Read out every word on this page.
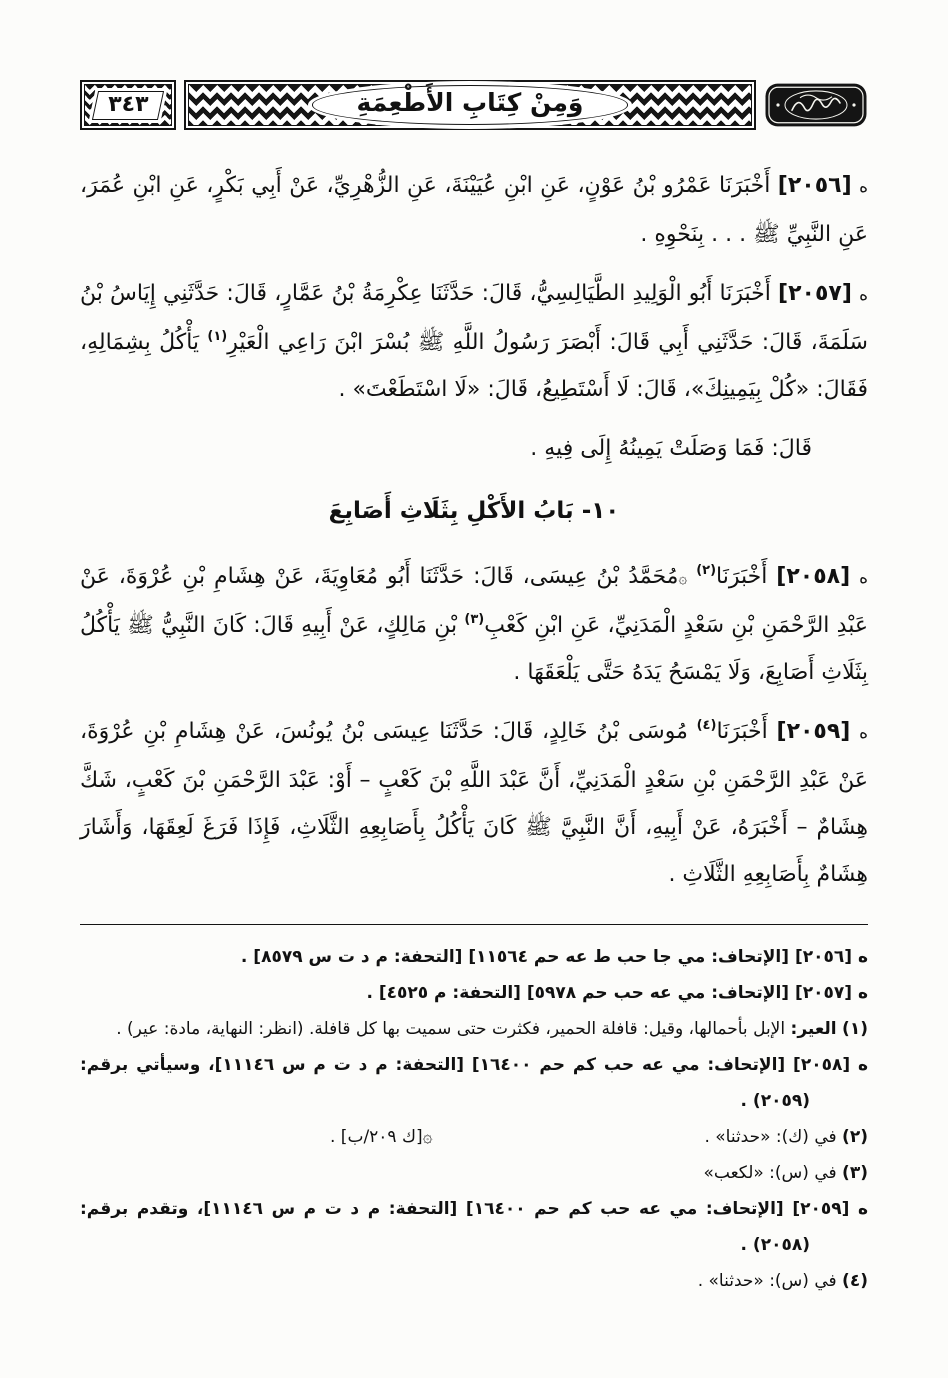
وَمِنْ كِتَابِ الأَطْعِمَةِ
٣٤٣

ه [٢٠٥٦] أَخْبَرَنَا عَمْرُو بْنُ عَوْنٍ، عَنِ ابْنِ عُيَيْنَةَ، عَنِ الزُّهْرِيِّ، عَنْ أَبِي بَكْرٍ، عَنِ ابْنِ عُمَرَ، عَنِ النَّبِيِّ ﷺ . . . بِنَحْوِهِ .

ه [٢٠٥٧] أَخْبَرَنَا أَبُو الْوَلِيدِ الطَّيَالِسِيُّ، قَالَ: حَدَّثَنَا عِكْرِمَةُ بْنُ عَمَّارٍ، قَالَ: حَدَّثَنِي إِيَاسُ بْنُ سَلَمَةَ، قَالَ: حَدَّثَنِي أَبِي قَالَ: أَبْصَرَ رَسُولُ اللَّهِ ﷺ بُسْرَ ابْنَ رَاعِي الْعَيْرِ$^{(١)}$ يَأْكُلُ بِشِمَالِهِ، فَقَالَ: «كُلْ بِيَمِينِكَ»، قَالَ: لَا أَسْتَطِيعُ، قَالَ: «لَا اسْتَطَعْتَ» .

قَالَ: فَمَا وَصَلَتْ يَمِينُهُ إِلَى فِيهِ .

١٠- بَابُ الأَكْلِ بِثَلَاثِ أَصَابِعَ

ه [٢٠٥٨] أَخْبَرَنَا$^{(٢)}$ ۞مُحَمَّدُ بْنُ عِيسَى، قَالَ: حَدَّثَنَا أَبُو مُعَاوِيَةَ، عَنْ هِشَامِ بْنِ عُرْوَةَ، عَنْ عَبْدِ الرَّحْمَنِ بْنِ سَعْدٍ الْمَدَنِيِّ، عَنِ ابْنِ كَعْبِ$^{(٣)}$ بْنِ مَالِكٍ، عَنْ أَبِيهِ قَالَ: كَانَ النَّبِيُّ ﷺ يَأْكُلُ بِثَلَاثِ أَصَابِعَ، وَلَا يَمْسَحُ يَدَهُ حَتَّى يَلْعَقَهَا .

ه [٢٠٥٩] أَخْبَرَنَا$^{(٤)}$ مُوسَى بْنُ خَالِدٍ، قَالَ: حَدَّثَنَا عِيسَى بْنُ يُونُسَ، عَنْ هِشَامِ بْنِ عُرْوَةَ، عَنْ عَبْدِ الرَّحْمَنِ بْنِ سَعْدٍ الْمَدَنِيِّ، أَنَّ عَبْدَ اللَّهِ بْنَ كَعْبٍ – أَوْ: عَبْدَ الرَّحْمَنِ بْنَ كَعْبٍ، شَكَّ هِشَامٌ – أَخْبَرَهُ، عَنْ أَبِيهِ، أَنَّ النَّبِيَّ ﷺ كَانَ يَأْكُلُ بِأَصَابِعِهِ الثَّلَاثِ، فَإِذَا فَرَغَ لَعِقَهَا، وَأَشَارَ هِشَامٌ بِأَصَابِعِهِ الثَّلَاثِ .

ه [٢٠٥٦] [الإتحاف: مي جا حب ط عه حم ١١٥٦٤] [التحفة: م د ت س ٨٥٧٩] .

ه [٢٠٥٧] [الإتحاف: مي عه حب حم ٥٩٧٨] [التحفة: م ٤٥٢٥] .

(١) العير: الإبل بأحمالها، وقيل: قافلة الحمير، فكثرت حتى سميت بها كل قافلة. (انظر: النهاية، مادة: عير) .

ه [٢٠٥٨] [الإتحاف: مي عه حب كم حم ١٦٤٠٠] [التحفة: م د ت م س ١١١٤٦]، وسيأتي برقم: (٢٠٥٩) .

(٢) في (ك): «حدثنا» .
۞[ك ٢٠٩/ب] .

(٣) في (س): «لكعب»

ه [٢٠٥٩] [الإتحاف: مي عه حب كم حم ١٦٤٠٠] [التحفة: م د ت م س ١١١٤٦]، وتقدم برقم: (٢٠٥٨) .

(٤) في (س): «حدثنا» .
